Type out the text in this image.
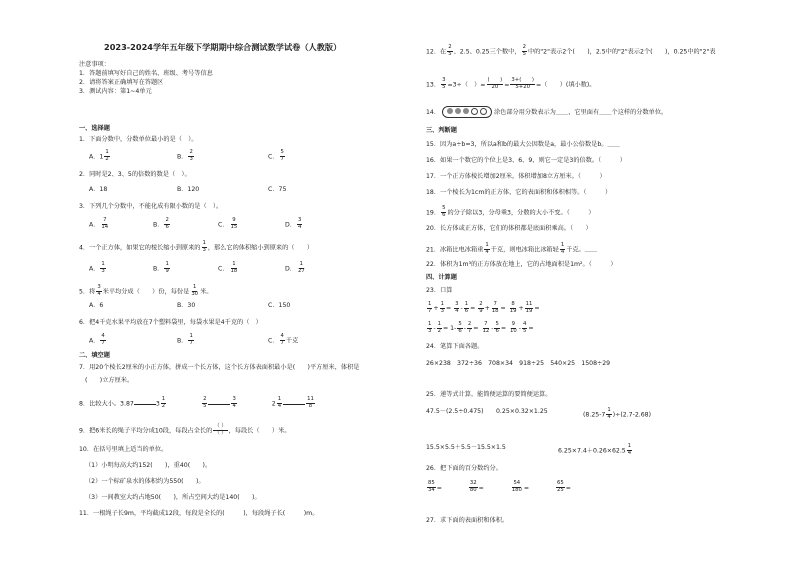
2023-2024学年五年级下学期期中综合测试数学试卷（人教版）
注意事项：
1．答题前填写好自己的姓名、班级、考号等信息
2．请将答案正确填写在答题区
3．测试内容：第1~4单元
一、选择题
1．下面分数中，分数单位最小的是（　）。
A．$1 \frac{1}{2}$	B． $\frac{2}{3}$	C． $\frac{5}{7}$
2．同时是2、3、5的倍数的数是（　）。
A．18	B．120	C．75
3．下列几个分数中，不能化成有限小数的是（　）。
A． $\frac{7}{14}$	B． $\frac{2}{6}$	C． $\frac{9}{15}$	D． $\frac{3}{4}$
4．一个正方体，如果它的棱长缩小到原来的 $\frac{1}{3}$ ，那么它的体积缩小到原来的（　　）
A． $\frac{1}{3}$	B． $\frac{1}{9}$	C． $\frac{1}{18}$	D． $\frac{1}{27}$
5．将 $\frac{3}{4}$ 米平均分成（　　）份，每份是 $\frac{1}{30}$ 米。
A．6	B．30	C．150
6．把4千克水果平均放在7个塑料袋里，每袋水果是4千克的（　）
A． $\frac{4}{7}$	B． $\frac{1}{7}$	C． $\frac{4}{7}$ 千克
二、填空题
7．用20个棱长2厘米的小正方体，拼成一个长方体，这个长方体表面积最小是(　　)平方厘米，体积是
(　　)立方厘米。
8．比较大小。3.87	$3 \frac{1}{2}$
	$\frac{2}{5}$	$\frac{3}{4}$	$2 \frac{1}{4}$	$\frac{11}{8}$
9．把6米长的绳子平均分成10段，每段占全长的
（ ）
（ ） ，每段长（　　）米。
10．在括号里填上适当的单位。
（1）小明每高大约152(　　)，重40(　　)。
（2）一个标矿泉水的体积约为550(　　)。
（3）一间教室大约占地50(　　)，所占空间大约是140(　　)。
11．一根绳子长9m，平均截成12段，每段是全长的(　　　)，每段绳子长(　　　)m。
12．在 $\frac{2}{5}$ 、2.5、0.25三个数中， $\frac{2}{5}$ 中的"2"表示2个(　　)，2.5中的"2"表示2个(　　)，0.25中的"2"表
13． $\frac{3}{5} =3\div$（　）=
(　　)
$20 = \frac{3+( )}{5+20}$ =（　　）(填小数)。
14．	涂色部分用分数表示为＿＿，它里面有＿＿个这样的分数单位。
三、判断题
15．因为a÷b=3，所以a和b的最大公因数是a，最小公倍数是b。＿＿
16．如果一个数它的个位上是3、6、9，则它一定是3的倍数。（　　　）
17．一个正方体棱长增加2厘米，体积增加8立方厘米。（　　　）
18．一个棱长为1cm的正方体，它的表面积和体积相等。（　　　）
19． $\frac{5}{6}$ 的分子除以3，分母乘3，分数的大小不变。（　　　）
20．长方体或正方体，它们的体积都是底面积乘高。（　　）
21．冰箱比电冰箱重 $\frac{1}{4}$ 千克，则电冰箱比冰箱轻 $\frac{1}{4}$ 千克。＿＿
22．体积为1m³的正方体放在地上，它的占地面积是1m²。（　　　）
四、计算题
23．口算
$\frac{1}{7} + \frac{1}{3} = \frac{3}{4} - \frac{1}{6} = \frac{2}{9} + \frac{7}{18} = \frac{8}{19} + \frac{11}{19}$ =
$\frac{1}{3} - \frac{1}{2} = 1- \frac{5}{6} - \frac{2}{7} = \frac{7}{12} - \frac{5}{6} = \frac{9}{10} - \frac{4}{5}$ =
24．笔算下面各题。
26×238　372÷36　708×34　918÷25　540×25　1508÷29
25．递等式计算，能简便运算的要简便运算。
47.5－(2.5÷0.475) 0.25×0.32×1.25	$(8.25-7 \frac{1}{4} )\div(2.7-2.68)$
15.5×5.5＋5.5－15.5×1.5	$6.25\times 7.4+0.26\times 62.5 \frac{1}{4}$
26．把下面的百分数约分。
$\frac{85}{34}$ =	$\frac{32}{80}$ =	$\frac{54}{180}$ =	$\frac{65}{25}$ =
27．求下面的表面积和体积。
